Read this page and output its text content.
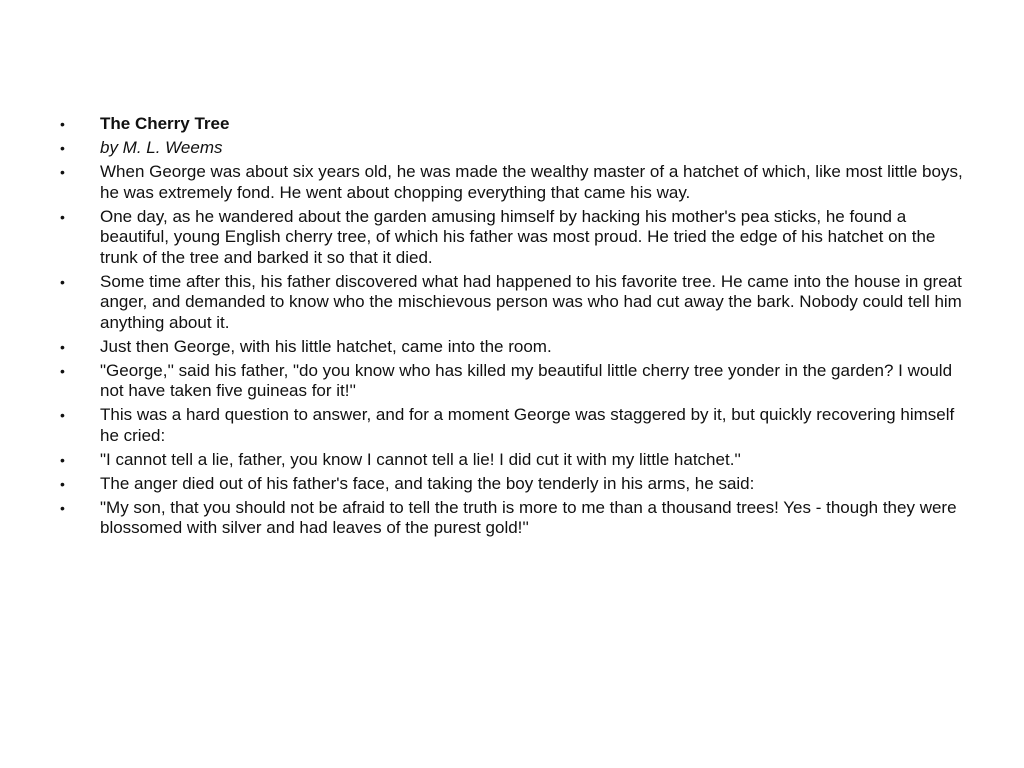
•	The Cherry Tree
•	by M. L. Weems
•	When George was about six years old, he was made the wealthy master of a hatchet of which, like most little boys, he was extremely fond. He went about chopping everything that came his way.
•	One day, as he wandered about the garden amusing himself by hacking his mother's pea sticks, he found a beautiful, young English cherry tree, of which his father was most proud. He tried the edge of his hatchet on the trunk of the tree and barked it so that it died.
•	Some time after this, his father discovered what had happened to his favorite tree. He came into the house in great anger, and demanded to know who the mischievous person was who had cut away the bark. Nobody could tell him anything about it.
•	Just then George, with his little hatchet, came into the room.
•	"George,'' said his father, "do you know who has killed my beautiful little cherry tree yonder in the garden? I would not have taken five guineas for it!''
•	This was a hard question to answer, and for a moment George was staggered by it, but quickly recovering himself he cried:
•	"I cannot tell a lie, father, you know I cannot tell a lie! I did cut it with my little hatchet.''
•	The anger died out of his father's face, and taking the boy tenderly in his arms, he said:
•	"My son, that you should not be afraid to tell the truth is more to me than a thousand trees! Yes - though they were blossomed with silver and had leaves of the purest gold!''
